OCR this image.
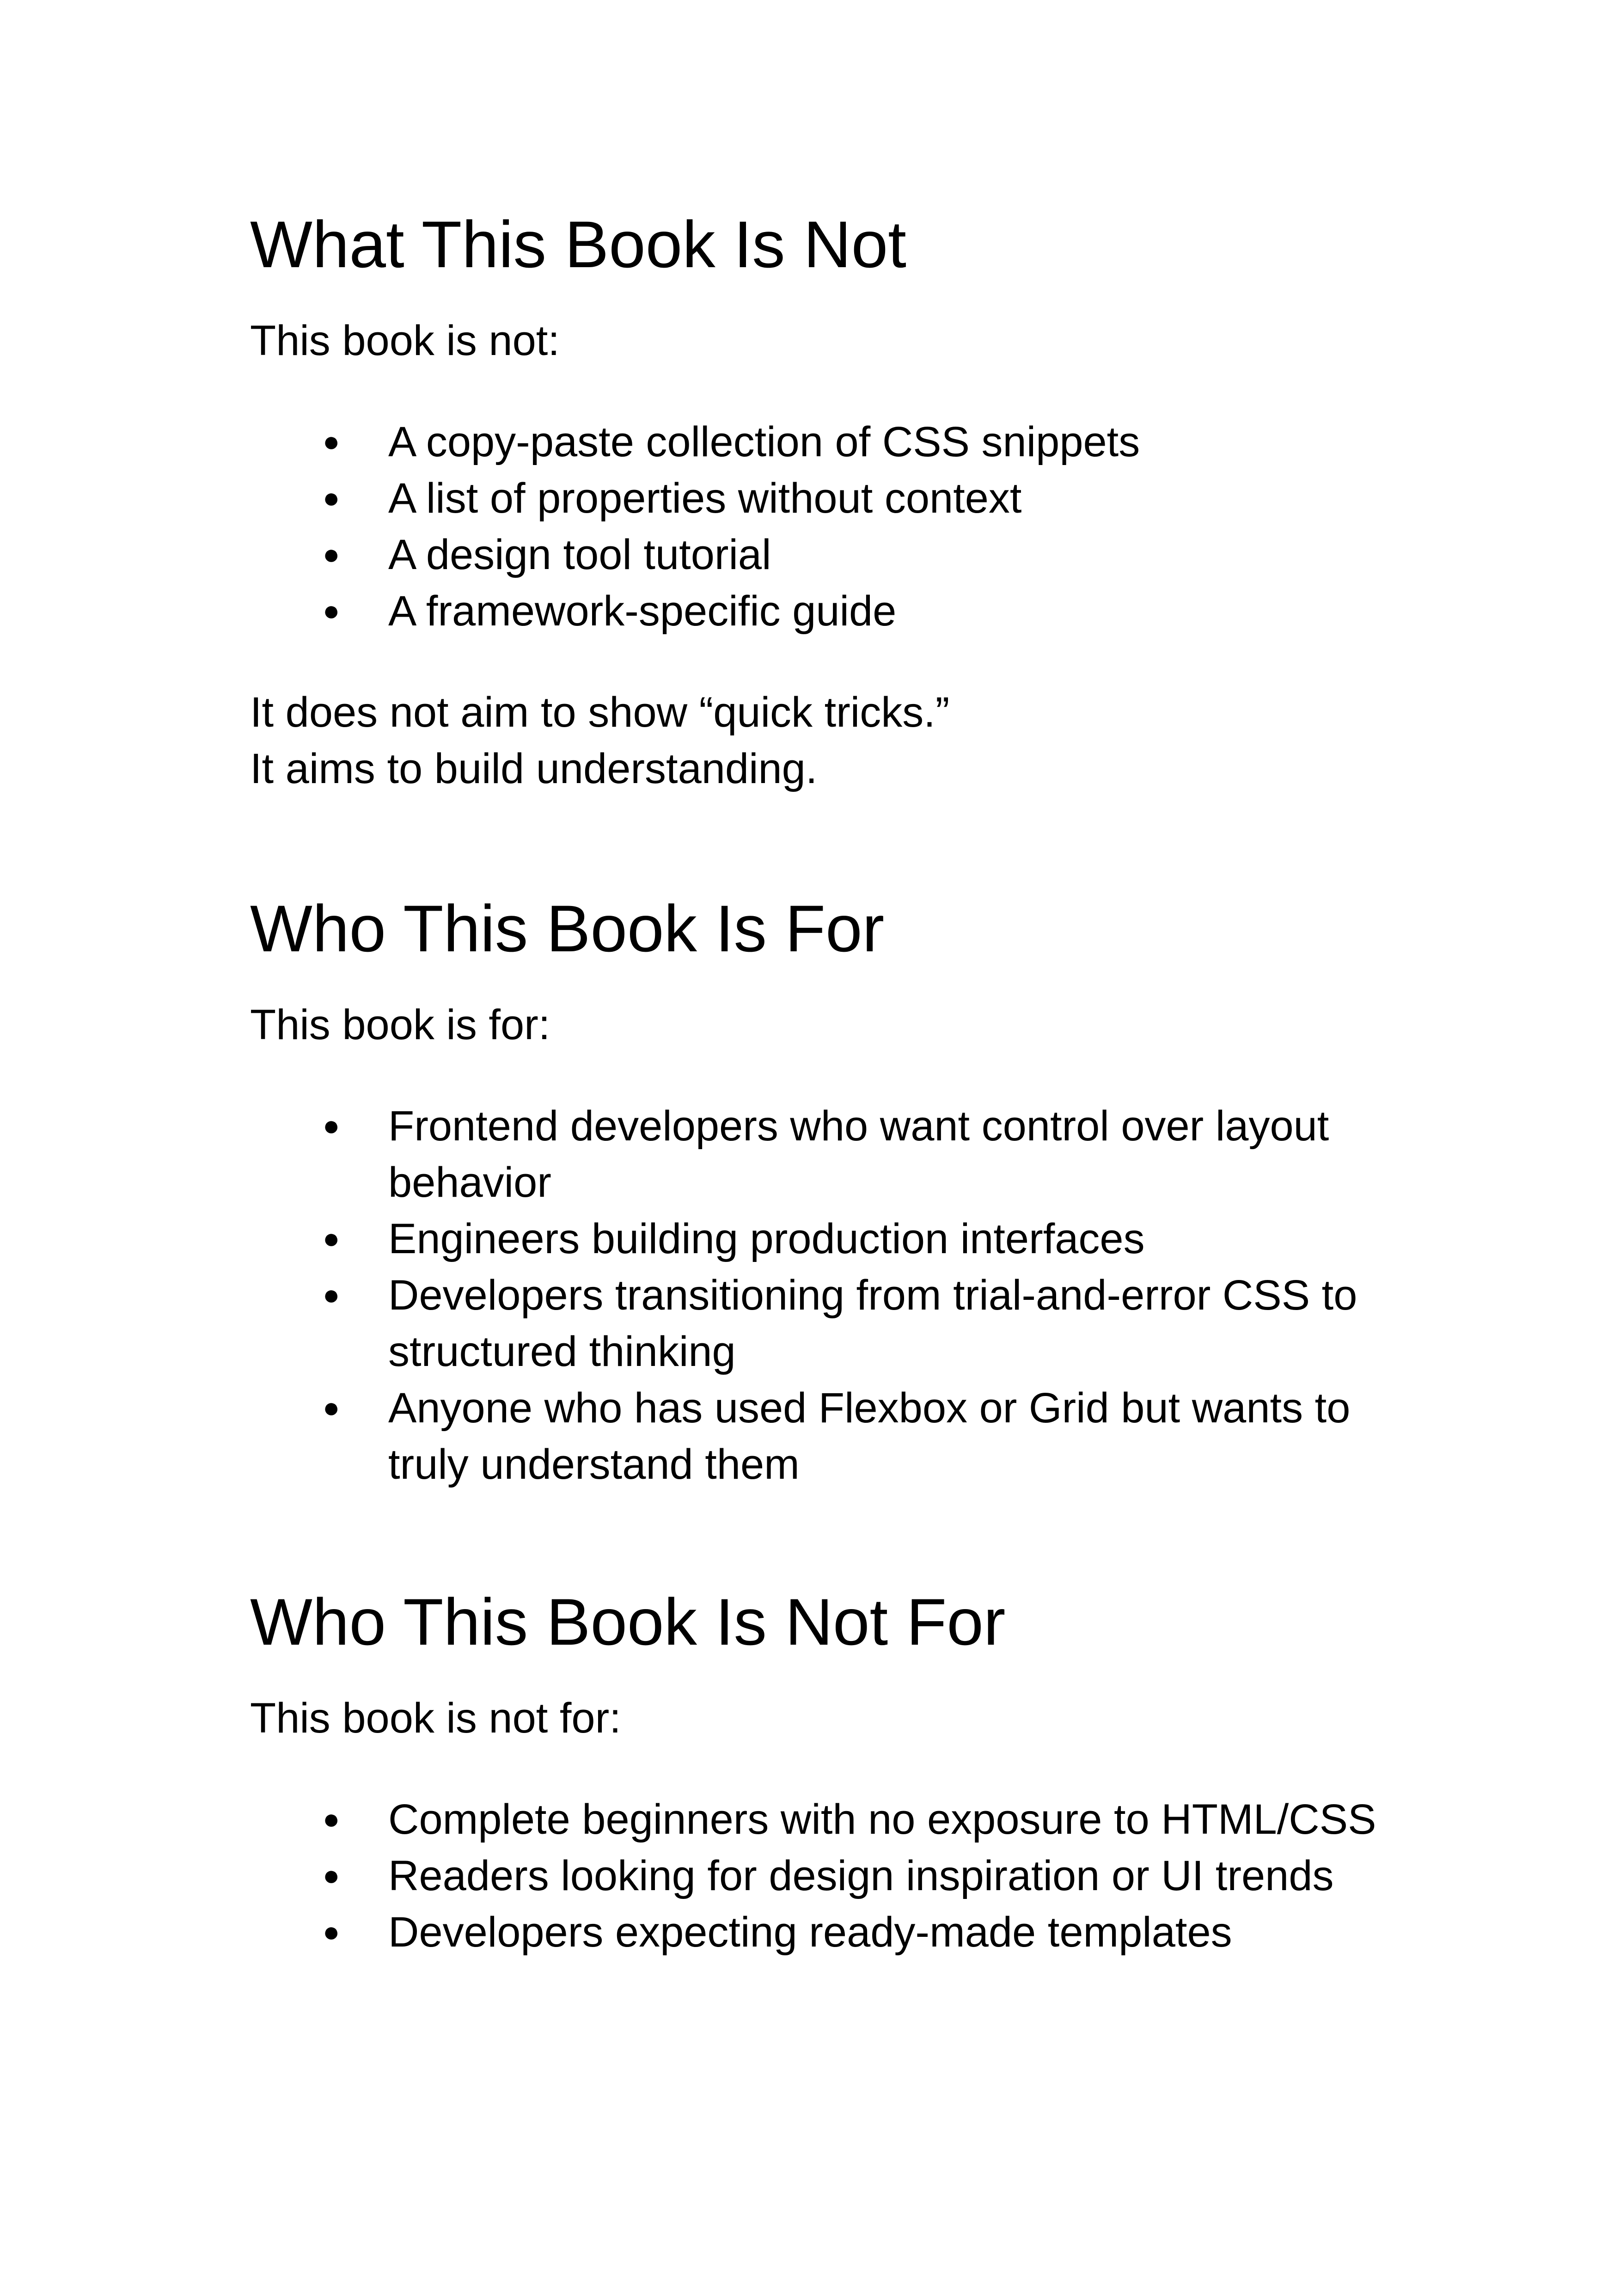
What This Book Is Not

This book is not:

● A copy-paste collection of CSS snippets
● A list of properties without context
● A design tool tutorial
● A framework-specific guide

It does not aim to show “quick tricks.”

It aims to build understanding.

Who This Book Is For

This book is for:

● Frontend developers who want control over layout
behavior
● Engineers building production interfaces
● Developers transitioning from trial-and-error CSS to
structured thinking
● Anyone who has used Flexbox or Grid but wants to
truly understand them
Who This Book Is Not For

This book is not for:

● Complete beginners with no exposure to HTML/CSS
● Readers looking for design inspiration or UI trends
● Developers expecting ready-made templates
